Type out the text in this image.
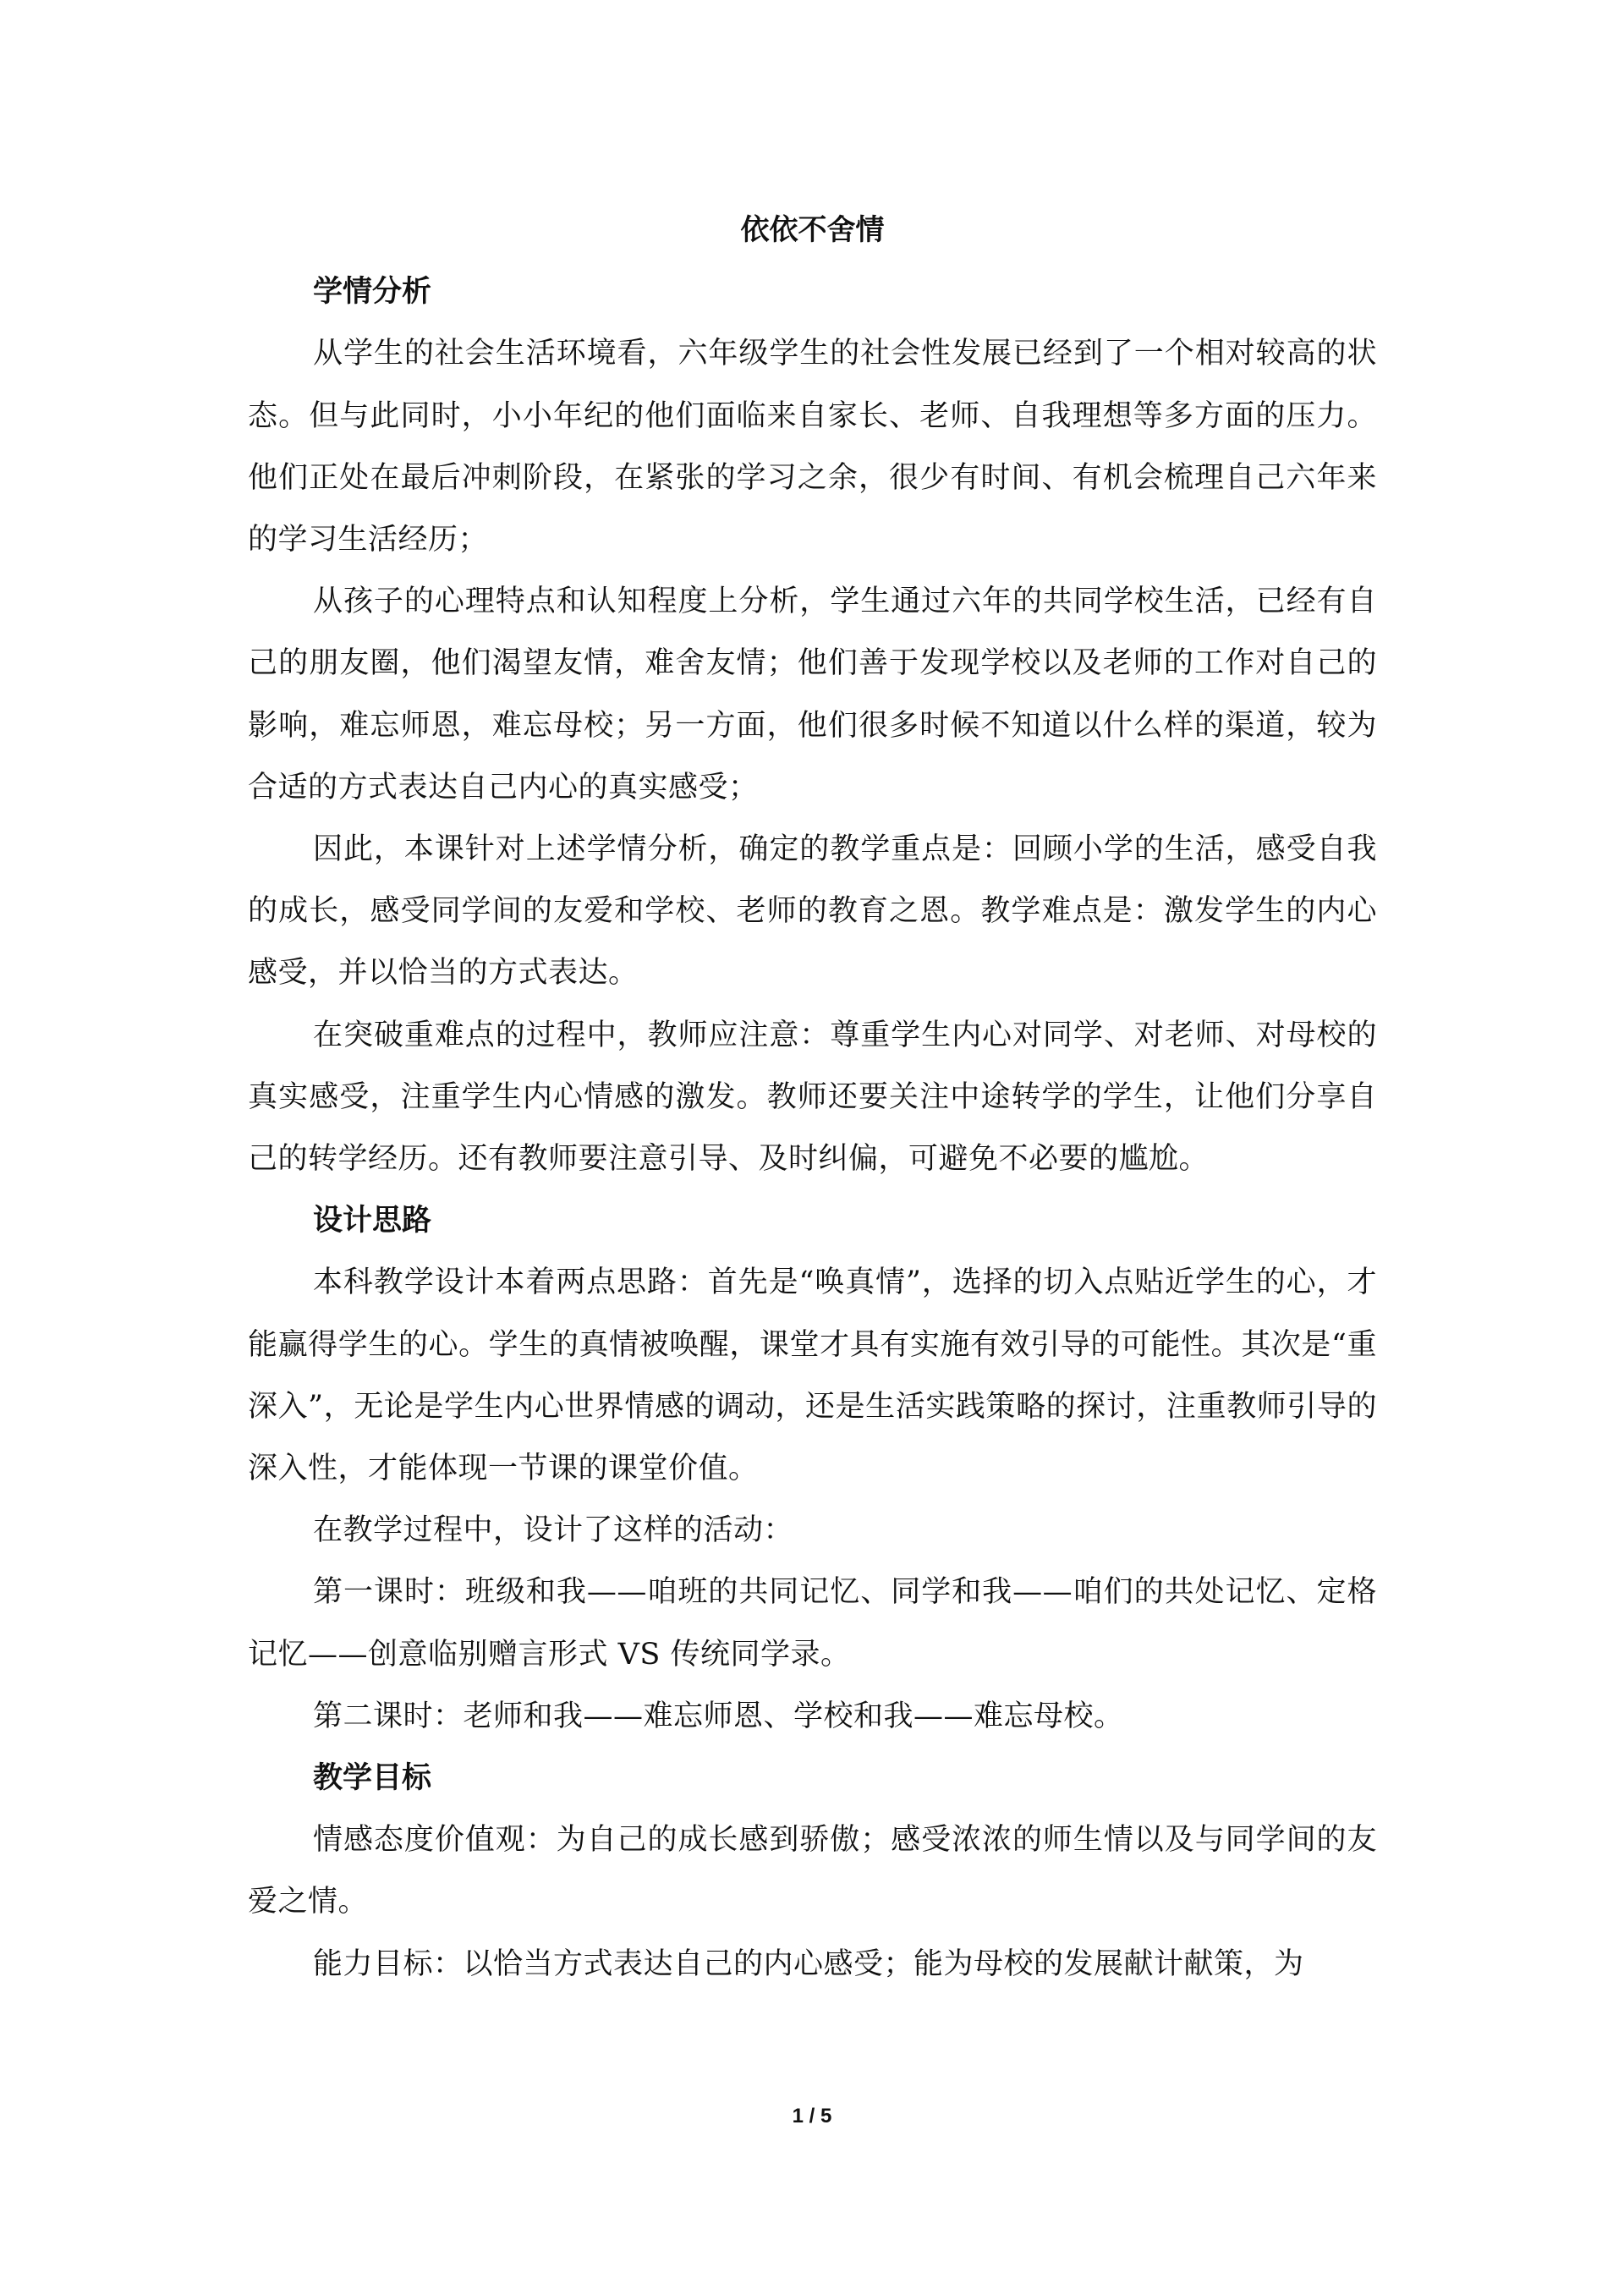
依依不舍情

学情分析

从学生的社会生活环境看，六年级学生的社会性发展已经到了一个相对较高的状态。但与此同时，小小年纪的他们面临来自家长、老师、自我理想等多方面的压力。他们正处在最后冲刺阶段，在紧张的学习之余，很少有时间、有机会梳理自己六年来的学习生活经历；

从孩子的心理特点和认知程度上分析，学生通过六年的共同学校生活，已经有自己的朋友圈，他们渴望友情，难舍友情；他们善于发现学校以及老师的工作对自己的影响，难忘师恩，难忘母校；另一方面，他们很多时候不知道以什么样的渠道，较为合适的方式表达自己内心的真实感受；

因此，本课针对上述学情分析，确定的教学重点是：回顾小学的生活，感受自我的成长，感受同学间的友爱和学校、老师的教育之恩。教学难点是：激发学生的内心感受，并以恰当的方式表达。

在突破重难点的过程中，教师应注意：尊重学生内心对同学、对老师、对母校的真实感受，注重学生内心情感的激发。教师还要关注中途转学的学生，让他们分享自己的转学经历。还有教师要注意引导、及时纠偏，可避免不必要的尴尬。

设计思路

本科教学设计本着两点思路：首先是“唤真情”，选择的切入点贴近学生的心，才能赢得学生的心。学生的真情被唤醒，课堂才具有实施有效引导的可能性。其次是“重深入”，无论是学生内心世界情感的调动，还是生活实践策略的探讨，注重教师引导的深入性，才能体现一节课的课堂价值。

在教学过程中，设计了这样的活动：

第一课时：班级和我——咱班的共同记忆、同学和我——咱们的共处记忆、定格记忆——创意临别赠言形式 VS 传统同学录。

第二课时：老师和我——难忘师恩、学校和我——难忘母校。

教学目标

情感态度价值观：为自己的成长感到骄傲；感受浓浓的师生情以及与同学间的友爱之情。

能力目标：以恰当方式表达自己的内心感受；能为母校的发展献计献策，为

1 / 5
